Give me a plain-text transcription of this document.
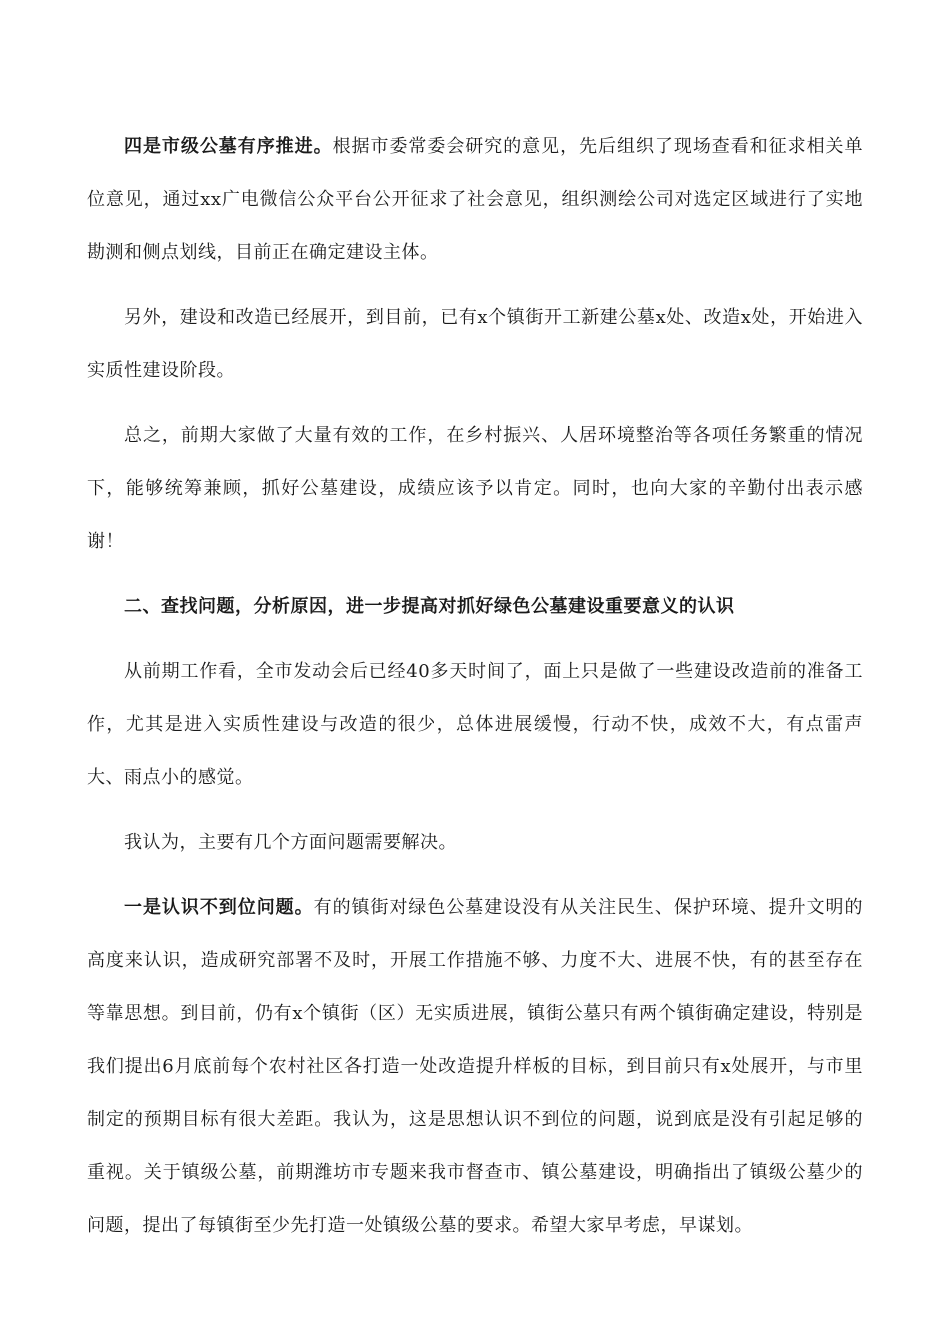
四是市级公墓有序推进。根据市委常委会研究的意见，先后组织了现场查看和征求相关单位意见，通过xx广电微信公众平台公开征求了社会意见，组织测绘公司对选定区域进行了实地勘测和侧点划线，目前正在确定建设主体。

另外，建设和改造已经展开，到目前，已有x个镇街开工新建公墓x处、改造x处，开始进入实质性建设阶段。

总之，前期大家做了大量有效的工作，在乡村振兴、人居环境整治等各项任务繁重的情况下，能够统筹兼顾，抓好公墓建设，成绩应该予以肯定。同时，也向大家的辛勤付出表示感谢！

二、查找问题，分析原因，进一步提高对抓好绿色公墓建设重要意义的认识

从前期工作看，全市发动会后已经40多天时间了，面上只是做了一些建设改造前的准备工作，尤其是进入实质性建设与改造的很少，总体进展缓慢，行动不快，成效不大，有点雷声大、雨点小的感觉。

我认为，主要有几个方面问题需要解决。

一是认识不到位问题。有的镇街对绿色公墓建设没有从关注民生、保护环境、提升文明的高度来认识，造成研究部署不及时，开展工作措施不够、力度不大、进展不快，有的甚至存在等靠思想。到目前，仍有x个镇街（区）无实质进展，镇街公墓只有两个镇街确定建设，特别是我们提出6月底前每个农村社区各打造一处改造提升样板的目标，到目前只有x处展开，与市里制定的预期目标有很大差距。我认为，这是思想认识不到位的问题，说到底是没有引起足够的重视。关于镇级公墓，前期潍坊市专题来我市督查市、镇公墓建设，明确指出了镇级公墓少的问题，提出了每镇街至少先打造一处镇级公墓的要求。希望大家早考虑，早谋划。
